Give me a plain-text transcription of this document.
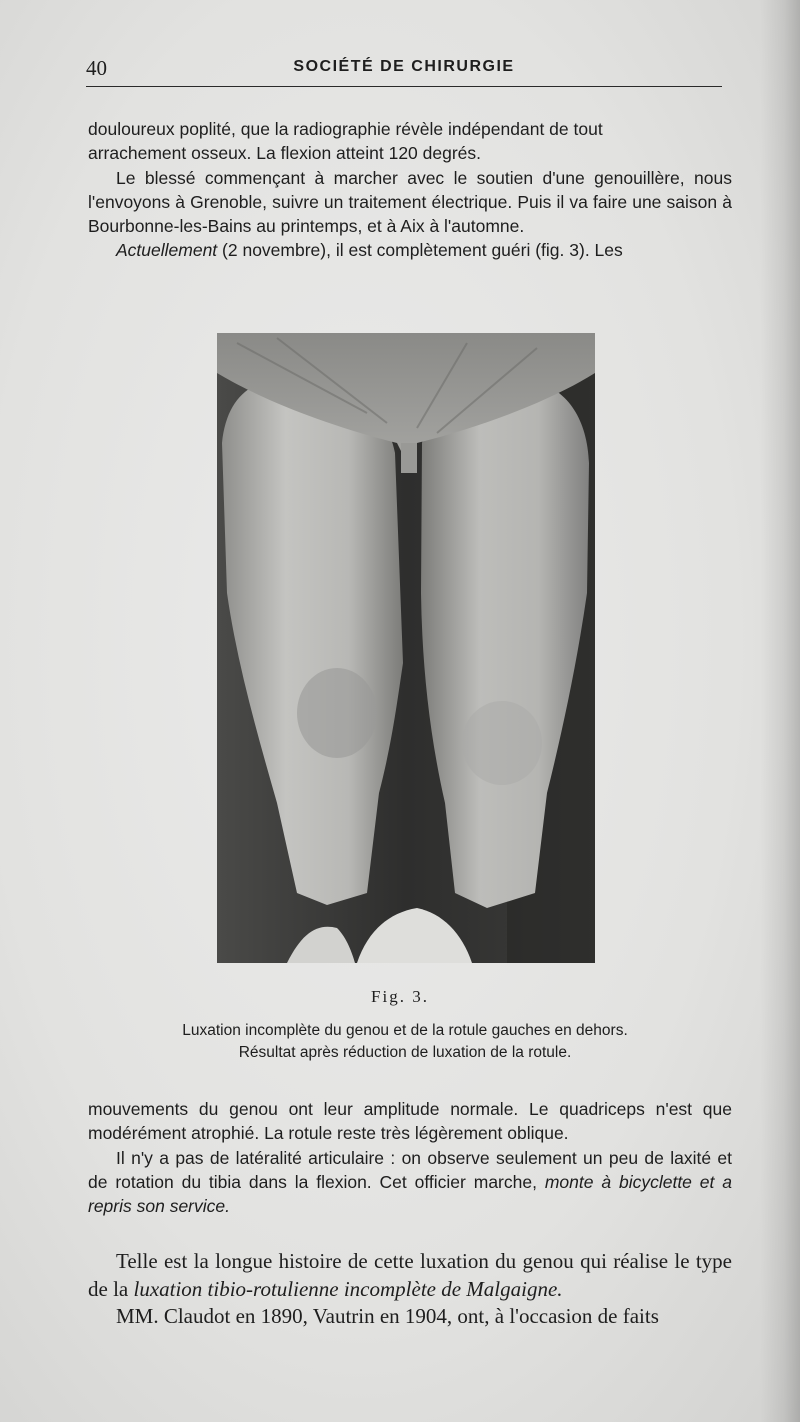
40	SOCIÉTÉ DE CHIRURGIE

douloureux poplité, que la radiographie révèle indépendant de tout
arrachement osseux. La flexion atteint 120 degrés.

Le blessé commençant à marcher avec le soutien d'une genouillère, nous l'envoyons à Grenoble, suivre un traitement électrique. Puis il va faire une saison à Bourbonne-les-Bains au printemps, et à Aix à l'automne.

Actuellement (2 novembre), il est complètement guéri (fig. 3). Les

Fig. 3.

Luxation incomplète du genou et de la rotule gauches en dehors.

Résultat après réduction de luxation de la rotule.

mouvements du genou ont leur amplitude normale. Le quadriceps n'est que modérément atrophié. La rotule reste très légèrement oblique.

Il n'y a pas de latéralité articulaire : on observe seulement un peu de laxité et de rotation du tibia dans la flexion. Cet officier marche, monte à bicyclette et a repris son service.

Telle est la longue histoire de cette luxation du genou qui réalise le type de la luxation tibio-rotulienne incomplète de Malgaigne.

MM. Claudot en 1890, Vautrin en 1904, ont, à l'occasion de faits
